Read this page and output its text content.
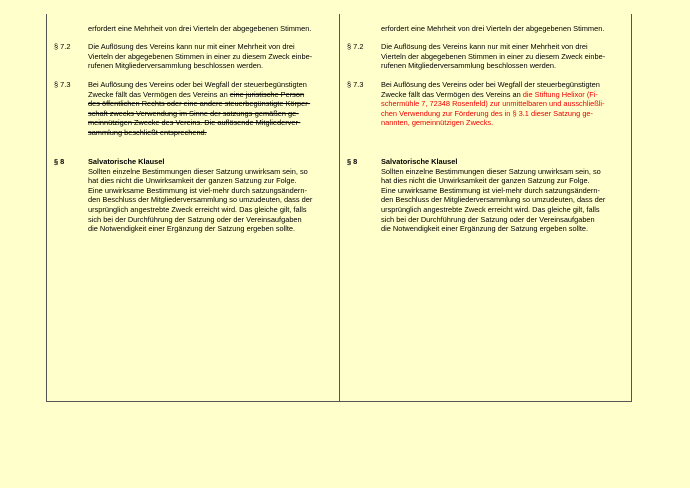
erfordert eine Mehrheit von drei Vierteln der abgegebenen Stimmen.
§ 7.2 Die Auflösung des Vereins kann nur mit einer Mehrheit von drei
Vierteln der abgegebenen Stimmen in einer zu diesem Zweck einbe-
rufenen Mitgliederversammlung beschlossen werden.
§ 7.3 Bei Auflösung des Vereins oder bei Wegfall der steuerbegünstigten
Zwecke fällt das Vermögen des Vereins an eine juristische Person
des öffentlichen Rechts oder eine andere steuerbegünstigte Körper-
schaft zwecks Verwendung im Sinne der satzungs-gemäßen ge-
meinnützigen Zwecke des Vereins. Die auflösende Mitgliederver-
sammlung beschließt entsprechend.
§ 8	Salvatorische Klausel
Sollten einzelne Bestimmungen dieser Satzung unwirksam sein, so
hat dies nicht die Unwirksamkeit der ganzen Satzung zur Folge.
Eine unwirksame Bestimmung ist viel-mehr durch satzungsändern-
den Beschluss der Mitgliederversammlung so umzudeuten, dass der
ursprünglich angestrebte Zweck erreicht wird. Das gleiche gilt, falls
sich bei der Durchführung der Satzung oder der Vereinsaufgaben
die Notwendigkeit einer Ergänzung der Satzung ergeben sollte.
erfordert eine Mehrheit von drei Vierteln der abgegebenen Stimmen.
§ 7.2 Die Auflösung des Vereins kann nur mit einer Mehrheit von drei
Vierteln der abgegebenen Stimmen in einer zu diesem Zweck einbe-
rufenen Mitgliederversammlung beschlossen werden.
§ 7.3 Bei Auflösung des Vereins oder bei Wegfall der steuerbegünstigten
Zwecke fällt das Vermögen des Vereins an die Stiftung Helixor (Fi-
schermühle 7, 72348 Rosenfeld) zur unmittelbaren und ausschließli-
chen Verwendung zur Förderung des in § 3.1 dieser Satzung ge-
nannten, gemeinnützigen Zwecks.
§ 8	Salvatorische Klausel
Sollten einzelne Bestimmungen dieser Satzung unwirksam sein, so
hat dies nicht die Unwirksamkeit der ganzen Satzung zur Folge.
Eine unwirksame Bestimmung ist viel-mehr durch satzungsändern-
den Beschluss der Mitgliederversammlung so umzudeuten, dass der
ursprünglich angestrebte Zweck erreicht wird. Das gleiche gilt, falls
sich bei der Durchführung der Satzung oder der Vereinsaufgaben
die Notwendigkeit einer Ergänzung der Satzung ergeben sollte.
